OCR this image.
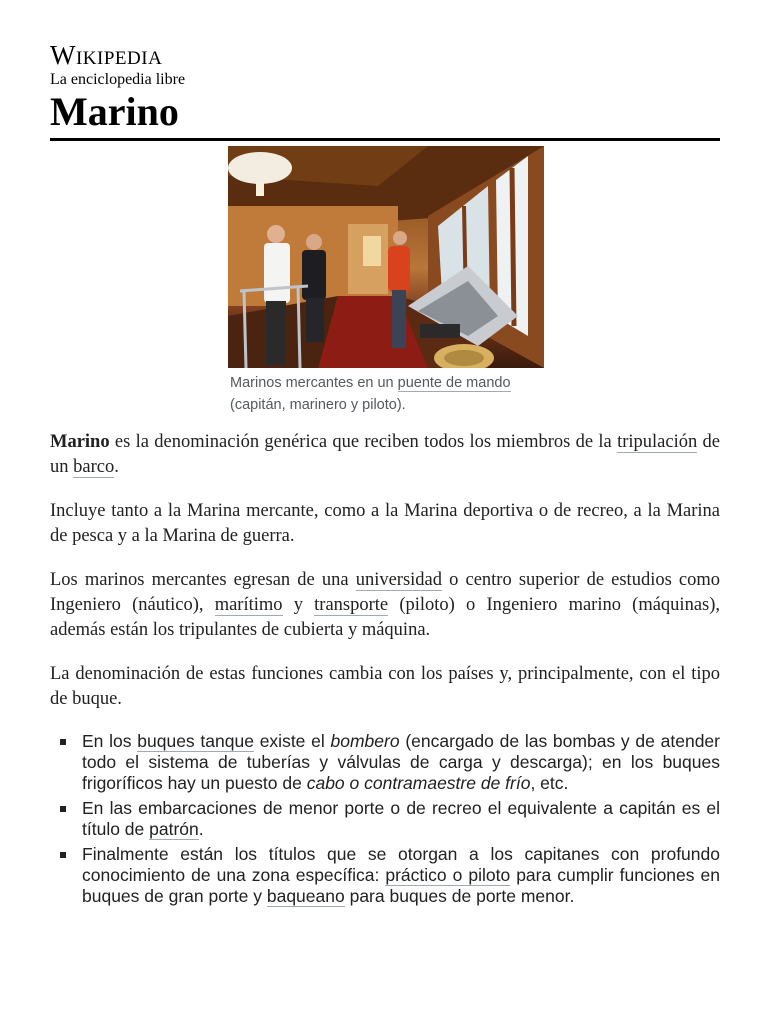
Wikipedia
La enciclopedia libre
Marino
Marinos mercantes en un puente de mando (capitán, marinero y piloto).

Marino es la denominación genérica que reciben todos los miembros de la tripulación de un barco.

Incluye tanto a la Marina mercante, como a la Marina deportiva o de recreo, a la Marina de pesca y a la Marina de guerra.

Los marinos mercantes egresan de una universidad o centro superior de estudios como Ingeniero (náutico), marítimo y transporte (piloto) o Ingeniero marino (máquinas), además están los tripulantes de cubierta y máquina.

La denominación de estas funciones cambia con los países y, principalmente, con el tipo de buque.

En los buques tanque existe el bombero (encargado de las bombas y de atender todo el sistema de tuberías y válvulas de carga y descarga); en los buques frigoríficos hay un puesto de cabo o contramaestre de frío, etc.
En las embarcaciones de menor porte o de recreo el equivalente a capitán es el título de patrón.
Finalmente están los títulos que se otorgan a los capitanes con profundo conocimiento de una zona específica: práctico o piloto para cumplir funciones en buques de gran porte y baqueano para buques de porte menor.
